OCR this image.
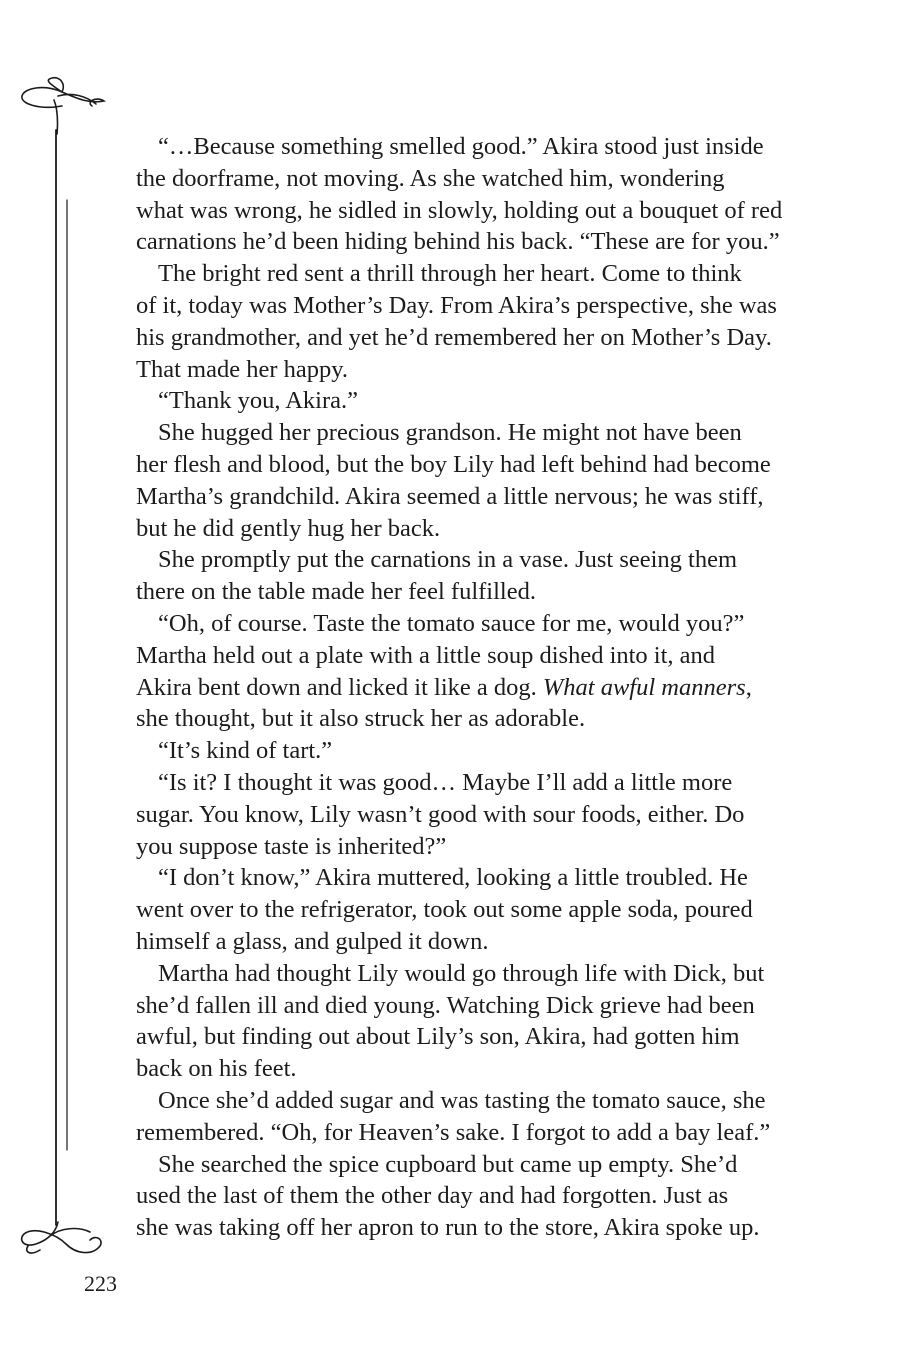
“…Because something smelled good.” Akira stood just inside
the doorframe, not moving. As she watched him, wondering
what was wrong, he sidled in slowly, holding out a bouquet of red
carnations he’d been hiding behind his back. “These are for you.”

The bright red sent a thrill through her heart. Come to think
of it, today was Mother’s Day. From Akira’s perspective, she was
his grandmother, and yet he’d remembered her on Mother’s Day.
That made her happy.

“Thank you, Akira.”

She hugged her precious grandson. He might not have been
her flesh and blood, but the boy Lily had left behind had become
Martha’s grandchild. Akira seemed a little nervous; he was stiff,
but he did gently hug her back.

She promptly put the carnations in a vase. Just seeing them
there on the table made her feel fulfilled.

“Oh, of course. Taste the tomato sauce for me, would you?”
Martha held out a plate with a little soup dished into it, and
Akira bent down and licked it like a dog. What awful manners,
she thought, but it also struck her as adorable.

“It’s kind of tart.”

“Is it? I thought it was good… Maybe I’ll add a little more
sugar. You know, Lily wasn’t good with sour foods, either. Do
you suppose taste is inherited?”

“I don’t know,” Akira muttered, looking a little troubled. He
went over to the refrigerator, took out some apple soda, poured
himself a glass, and gulped it down.

Martha had thought Lily would go through life with Dick, but
she’d fallen ill and died young. Watching Dick grieve had been
awful, but finding out about Lily’s son, Akira, had gotten him
back on his feet.

Once she’d added sugar and was tasting the tomato sauce, she
remembered. “Oh, for Heaven’s sake. I forgot to add a bay leaf.”

She searched the spice cupboard but came up empty. She’d
used the last of them the other day and had forgotten. Just as
she was taking off her apron to run to the store, Akira spoke up.

223
